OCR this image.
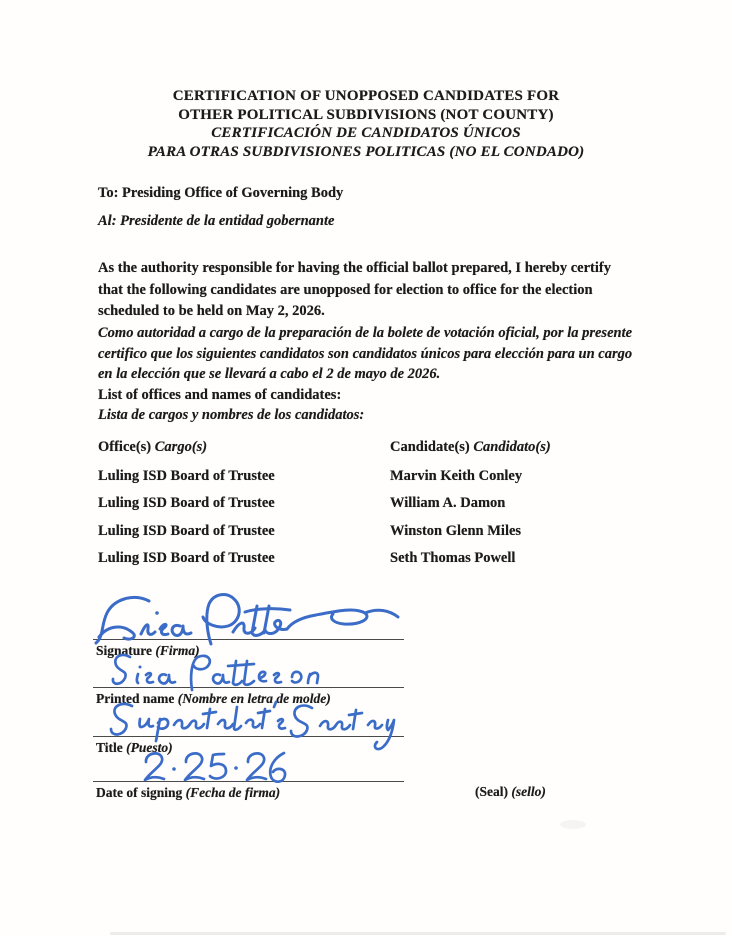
CERTIFICATION OF UNOPPOSED CANDIDATES FOR
OTHER POLITICAL SUBDIVISIONS (NOT COUNTY)
CERTIFICACIÓN DE CANDIDATOS ÚNICOS
PARA OTRAS SUBDIVISIONES POLITICAS (NO EL CONDADO)
To: Presiding Office of Governing Body
Al: Presidente de la entidad gobernante
As the authority responsible for having the official ballot prepared, I hereby certify that the following candidates are unopposed for election to office for the election scheduled to be held on May 2, 2026.
Como autoridad a cargo de la preparación de la bolete de votación oficial, por la presente certifico que los siguientes candidatos son candidatos únicos para elección para un cargo en la elección que se llevará a cabo el 2 de mayo de 2026.
List of offices and names of candidates:
Lista de cargos y nombres de los candidatos:
Office(s) Cargo(s)	Candidate(s) Candidato(s)
Luling ISD Board of Trustee	Marvin Keith Conley
Luling ISD Board of Trustee	William A. Damon
Luling ISD Board of Trustee	Winston Glenn Miles
Luling ISD Board of Trustee	Seth Thomas Powell
Signature (Firma)
Printed name (Nombre en letra de molde)
Title (Puesto)
Date of signing (Fecha de firma)	(Seal) (sello)
